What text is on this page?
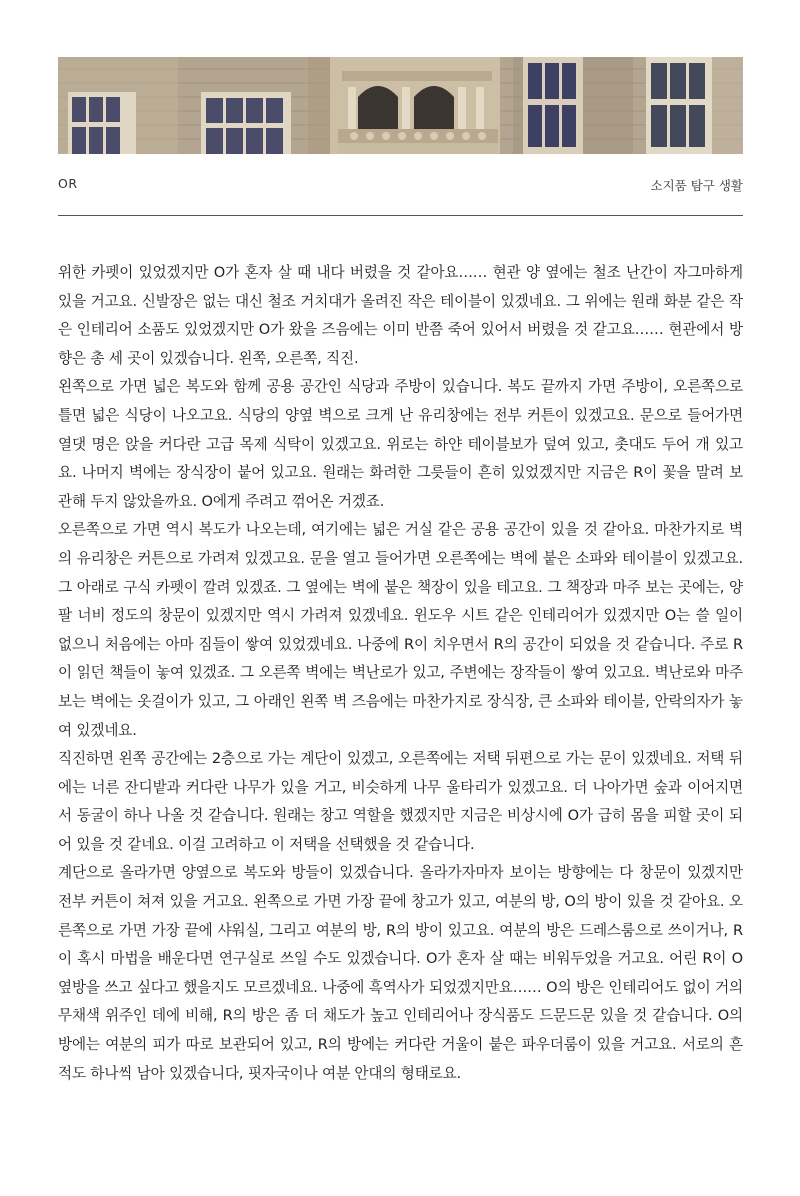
OR	소지품 탐구 생활

위한 카펫이 있었겠지만 O가 혼자 살 때 내다 버렸을 것 같아요…… 현관 양 옆에는 철조 난간이 자그마하게 있을 거고요. 신발장은 없는 대신 철조 거치대가 올려진 작은 테이블이 있겠네요. 그 위에는 원래 화분 같은 작은 인테리어 소품도 있었겠지만 O가 왔을 즈음에는 이미 반쯤 죽어 있어서 버렸을 것 같고요…… 현관에서 방향은 총 세 곳이 있겠습니다. 왼쪽, 오른쪽, 직진.

왼쪽으로 가면 넓은 복도와 함께 공용 공간인 식당과 주방이 있습니다. 복도 끝까지 가면 주방이, 오른쪽으로 틀면 넓은 식당이 나오고요. 식당의 양옆 벽으로 크게 난 유리창에는 전부 커튼이 있겠고요. 문으로 들어가면 열댓 명은 앉을 커다란 고급 목제 식탁이 있겠고요. 위로는 하얀 테이블보가 덮여 있고, 촛대도 두어 개 있고요. 나머지 벽에는 장식장이 붙어 있고요. 원래는 화려한 그릇들이 흔히 있었겠지만 지금은 R이 꽃을 말려 보관해 두지 않았을까요. O에게 주려고 꺾어온 거겠죠.

오른쪽으로 가면 역시 복도가 나오는데, 여기에는 넓은 거실 같은 공용 공간이 있을 것 같아요. 마찬가지로 벽의 유리창은 커튼으로 가려져 있겠고요. 문을 열고 들어가면 오른쪽에는 벽에 붙은 소파와 테이블이 있겠고요. 그 아래로 구식 카펫이 깔려 있겠죠. 그 옆에는 벽에 붙은 책장이 있을 테고요. 그 책장과 마주 보는 곳에는, 양팔 너비 정도의 창문이 있겠지만 역시 가려져 있겠네요. 윈도우 시트 같은 인테리어가 있겠지만 O는 쓸 일이 없으니 처음에는 아마 짐들이 쌓여 있었겠네요. 나중에 R이 치우면서 R의 공간이 되었을 것 같습니다. 주로 R이 읽던 책들이 놓여 있겠죠. 그 오른쪽 벽에는 벽난로가 있고, 주변에는 장작들이 쌓여 있고요. 벽난로와 마주 보는 벽에는 옷걸이가 있고, 그 아래인 왼쪽 벽 즈음에는 마찬가지로 장식장, 큰 소파와 테이블, 안락의자가 놓여 있겠네요.

직진하면 왼쪽 공간에는 2층으로 가는 계단이 있겠고, 오른쪽에는 저택 뒤편으로 가는 문이 있겠네요. 저택 뒤에는 너른 잔디밭과 커다란 나무가 있을 거고, 비슷하게 나무 울타리가 있겠고요. 더 나아가면 숲과 이어지면서 동굴이 하나 나올 것 같습니다. 원래는 창고 역할을 했겠지만 지금은 비상시에 O가 급히 몸을 피할 곳이 되어 있을 것 같네요. 이걸 고려하고 이 저택을 선택했을 것 같습니다.

계단으로 올라가면 양옆으로 복도와 방들이 있겠습니다. 올라가자마자 보이는 방향에는 다 창문이 있겠지만 전부 커튼이 쳐져 있을 거고요. 왼쪽으로 가면 가장 끝에 창고가 있고, 여분의 방, O의 방이 있을 것 같아요. 오른쪽으로 가면 가장 끝에 샤워실, 그리고 여분의 방, R의 방이 있고요. 여분의 방은 드레스룸으로 쓰이거나, R이 혹시 마법을 배운다면 연구실로 쓰일 수도 있겠습니다. O가 혼자 살 때는 비워두었을 거고요. 어린 R이 O 옆방을 쓰고 싶다고 했을지도 모르겠네요. 나중에 흑역사가 되었겠지만요…… O의 방은 인테리어도 없이 거의 무채색 위주인 데에 비해, R의 방은 좀 더 채도가 높고 인테리어나 장식품도 드문드문 있을 것 같습니다. O의 방에는 여분의 피가 따로 보관되어 있고, R의 방에는 커다란 거울이 붙은 파우더룸이 있을 거고요. 서로의 흔적도 하나씩 남아 있겠습니다, 핏자국이나 여분 안대의 형태로요.
